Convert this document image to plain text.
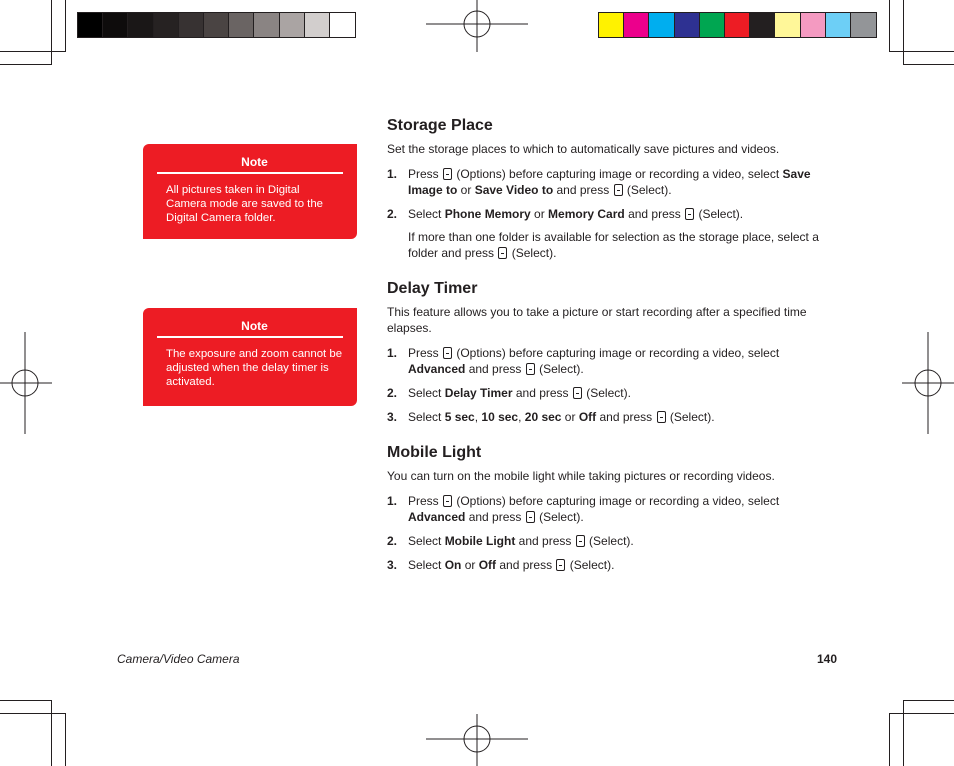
Note

All pictures taken in Digital Camera mode are saved to the Digital Camera folder.

Note

The exposure and zoom cannot be adjusted when the delay timer is activated.

Storage Place

Set the storage places to which to automatically save pictures and videos.

1. Press  (Options) before capturing image or recording a video, select Save Image to or Save Video to and press  (Select).
2. Select Phone Memory or Memory Card and press  (Select).

If more than one folder is available for selection as the storage place, select a folder and press  (Select).

Delay Timer

This feature allows you to take a picture or start recording after a specified time elapses.

1. Press  (Options) before capturing image or recording a video, select Advanced and press  (Select).
2. Select Delay Timer and press  (Select).
3. Select 5 sec, 10 sec, 20 sec or Off and press  (Select).
Mobile Light

You can turn on the mobile light while taking pictures or recording videos.

1. Press  (Options) before capturing image or recording a video, select Advanced and press  (Select).
2. Select Mobile Light and press  (Select).
3. Select On or Off and press  (Select).
Camera/Video Camera	140
